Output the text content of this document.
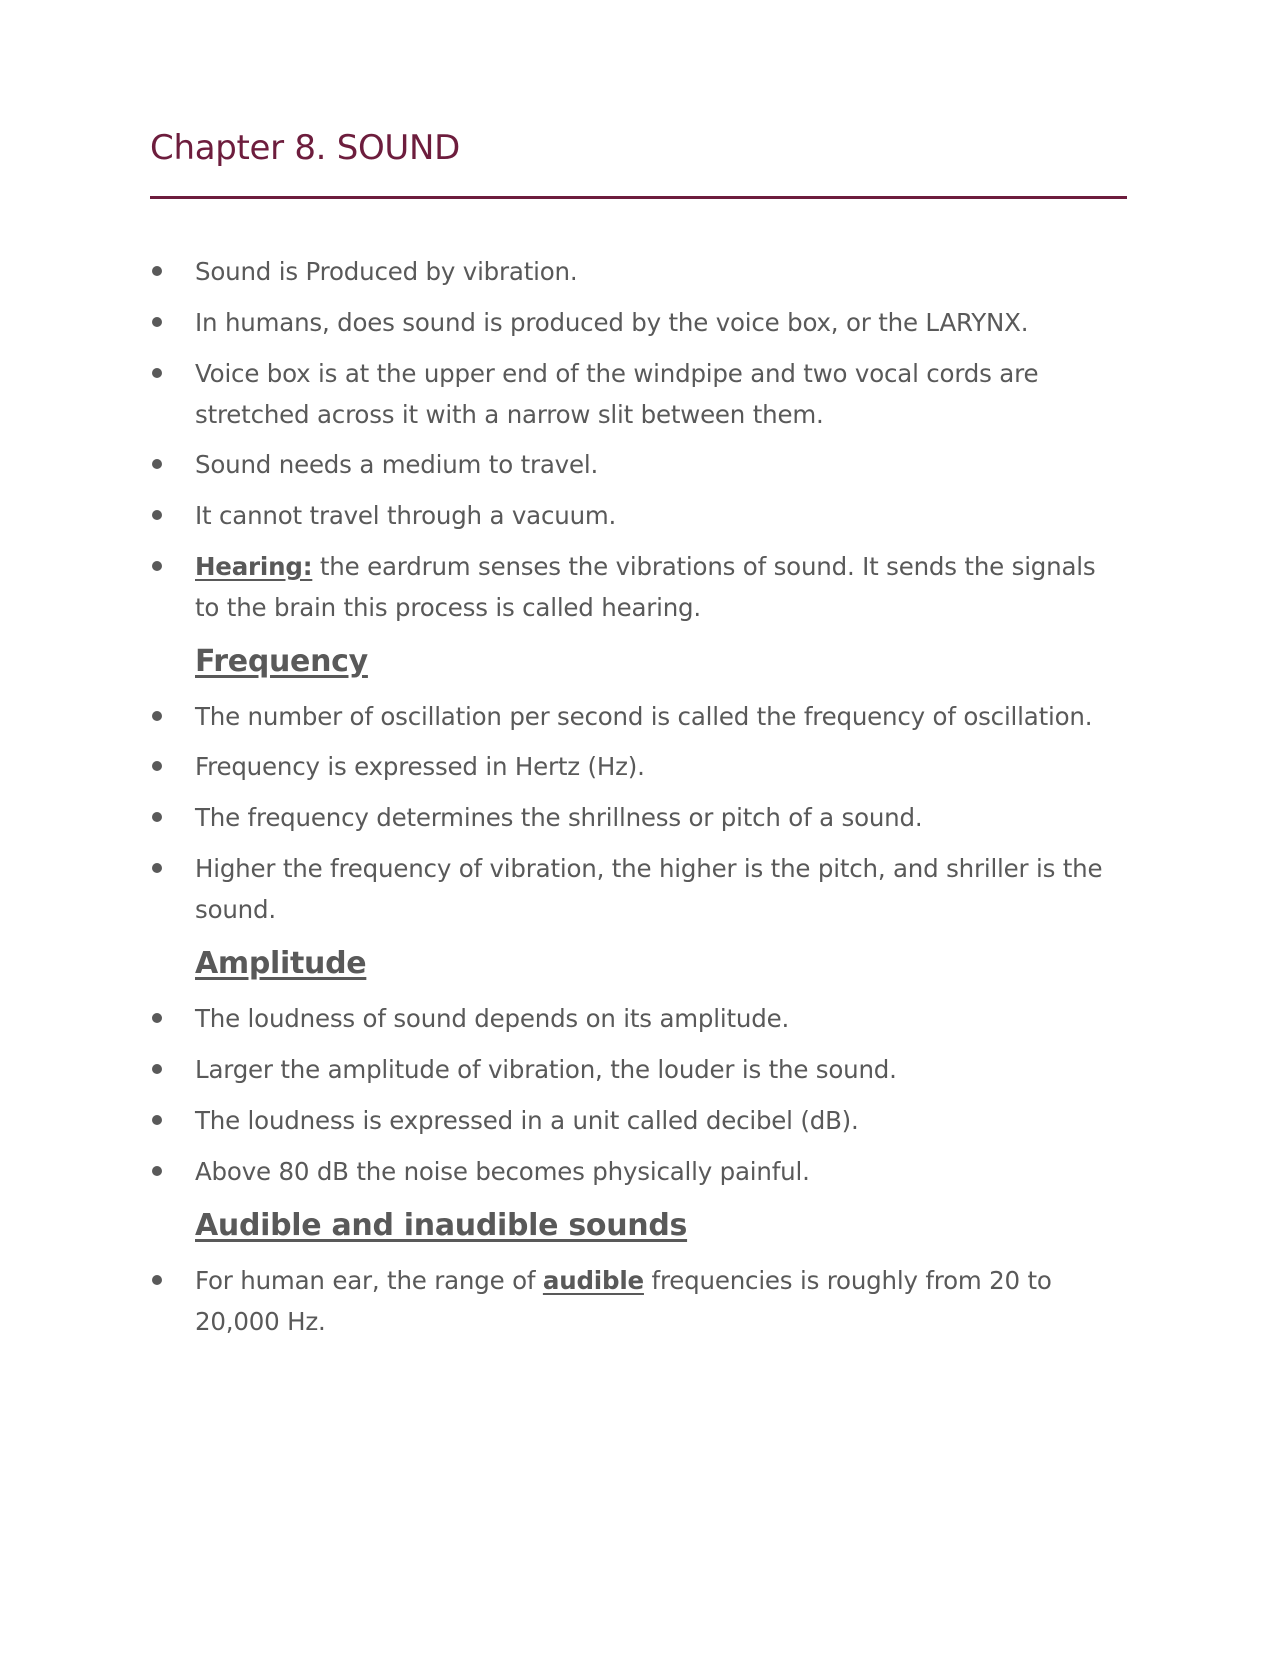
Chapter 8. SOUND
Sound is Produced by vibration.
In humans, does sound is produced by the voice box, or the LARYNX.
Voice box is at the upper end of the windpipe and two vocal cords are stretched across it with a narrow slit between them.
Sound needs a medium to travel.
It cannot travel through a vacuum.
Hearing: the eardrum senses the vibrations of sound. It sends the signals to the brain this process is called hearing.
Frequency
The number of oscillation per second is called the frequency of oscillation.
Frequency is expressed in Hertz (Hz).
The frequency determines the shrillness or pitch of a sound.
Higher the frequency of vibration, the higher is the pitch, and shriller is the sound.
Amplitude
The loudness of sound depends on its amplitude.
Larger the amplitude of vibration, the louder is the sound.
The loudness is expressed in a unit called decibel (dB).
Above 80 dB the noise becomes physically painful.
Audible and inaudible sounds
For human ear, the range of audible frequencies is roughly from 20 to 20,000 Hz.
